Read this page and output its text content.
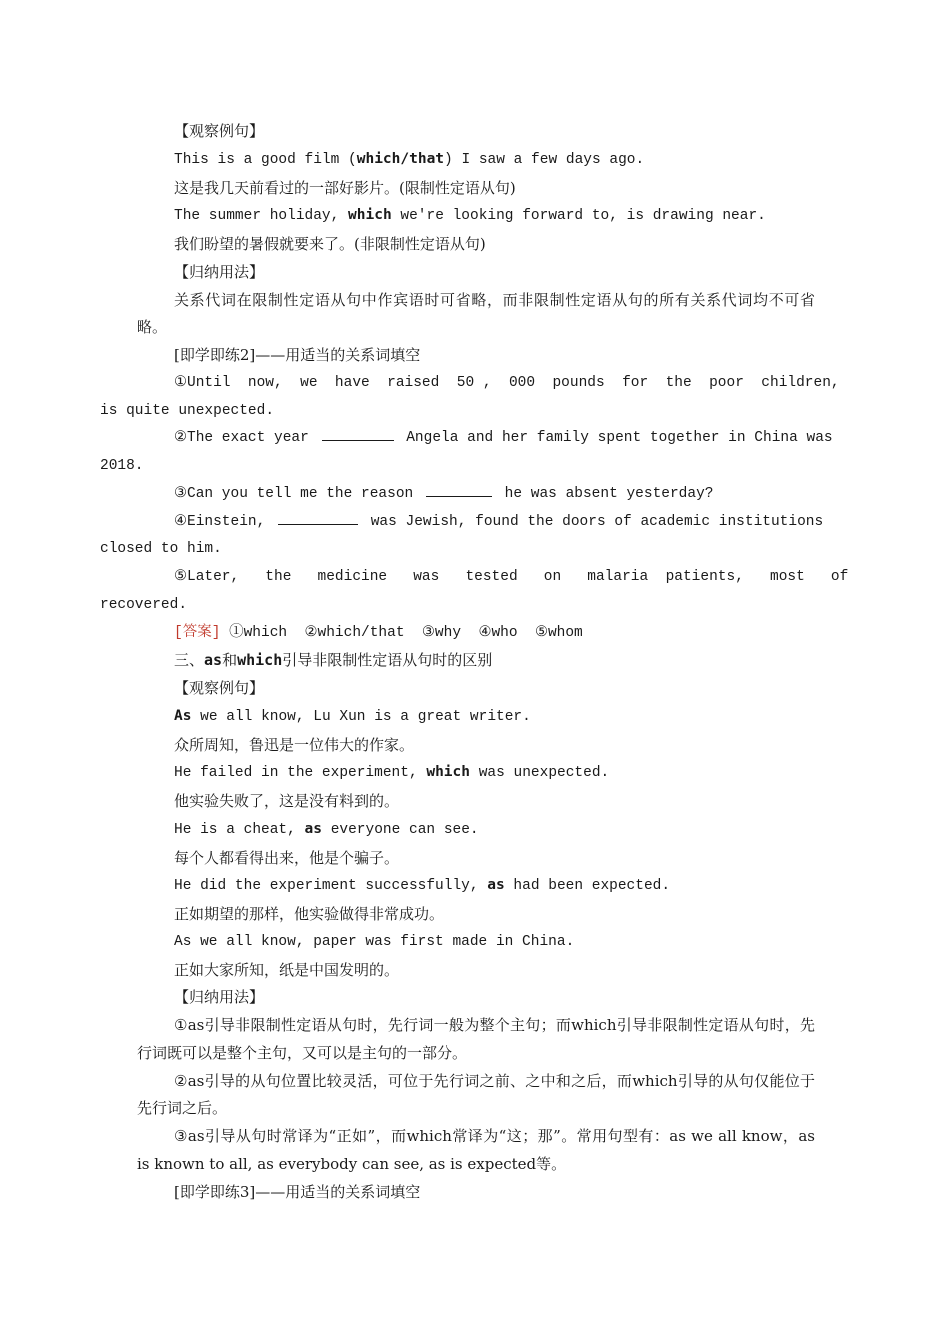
【观察例句】

This is a good film (which/that) I saw a few days ago.

这是我几天前看过的一部好影片。(限制性定语从句)

The summer holiday, which we're looking forward to, is drawing near.

我们盼望的暑假就要来了。(非限制性定语从句)

【归纳用法】

关系代词在限制性定语从句中作宾语时可省略，而非限制性定语从句的所有关系代词均不可省略。

[即学即练2]——用适当的关系词填空

①Until  now,  we  have  raised  50 ,  000  pounds  for  the  poor  children,
is quite unexpected.

②The exact year	Angela and her family spent together in China was
2018.

③Can you tell me the reason	he was absent yesterday?

④Einstein,	was Jewish, found the doors of academic institutions
closed to him.

⑤Later,   the   medicine   was   tested   on   malaria  patients,   most   of
recovered.

[答案] ①which  ②which/that  ③why  ④who  ⑤whom

三、as和which引导非限制性定语从句时的区别

【观察例句】

As we all know, Lu Xun is a great writer.

众所周知，鲁迅是一位伟大的作家。

He failed in the experiment, which was unexpected.

他实验失败了，这是没有料到的。

He is a cheat, as everyone can see.

每个人都看得出来，他是个骗子。

He did the experiment successfully, as had been expected.

正如期望的那样，他实验做得非常成功。

As we all know, paper was first made in China.

正如大家所知，纸是中国发明的。

【归纳用法】

①as引导非限制性定语从句时，先行词一般为整个主句；而which引导非限制性定语从句时，先行词既可以是整个主句，又可以是主句的一部分。

②as引导的从句位置比较灵活，可位于先行词之前、之中和之后，而which引导的从句仅能位于先行词之后。

③as引导从句时常译为“正如”，而which常译为“这；那”。常用句型有：as we all know，as is known to all, as everybody can see, as is expected等。

[即学即练3]——用适当的关系词填空
